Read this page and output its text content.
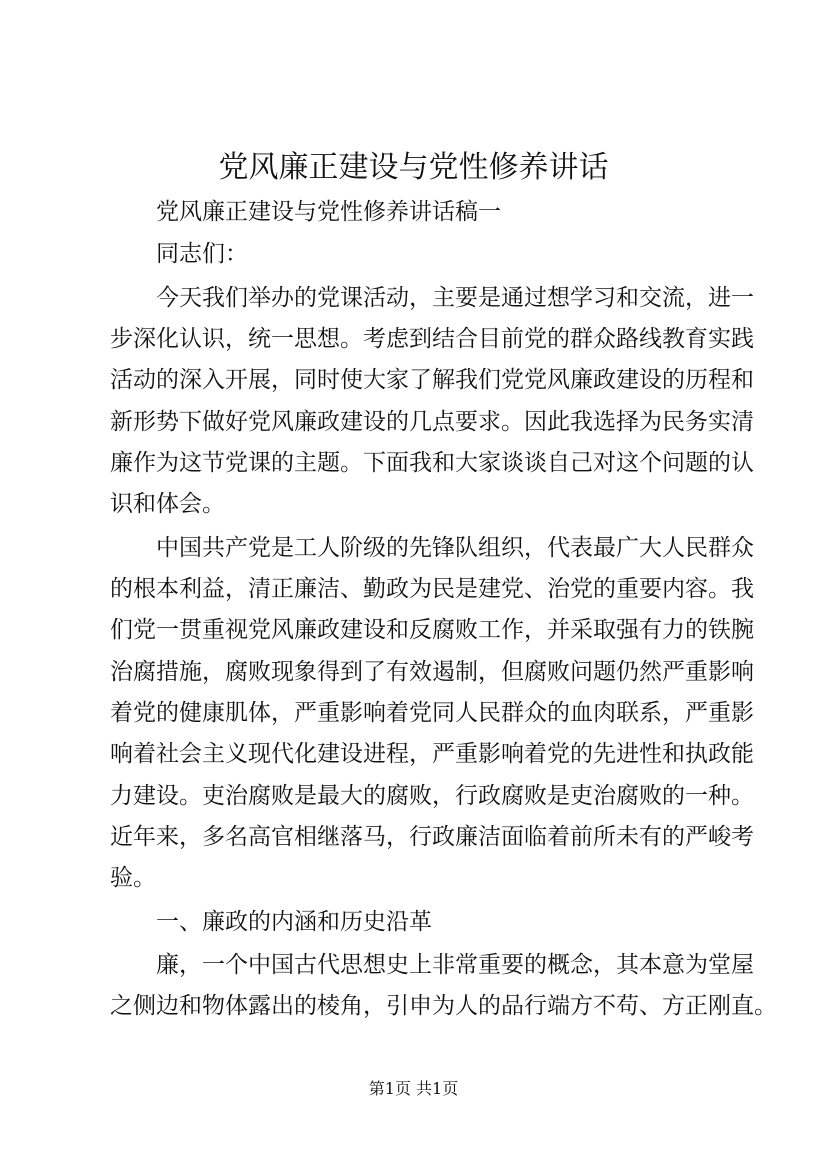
党风廉正建设与党性修养讲话
　　党风廉正建设与党性修养讲话稿一
　　同志们：
　　今天我们举办的党课活动，主要是通过想学习和交流，进一
步深化认识，统一思想。考虑到结合目前党的群众路线教育实践
活动的深入开展，同时使大家了解我们党党风廉政建设的历程和
新形势下做好党风廉政建设的几点要求。因此我选择为民务实清
廉作为这节党课的主题。下面我和大家谈谈自己对这个问题的认
识和体会。
　　中国共产党是工人阶级的先锋队组织，代表最广大人民群众
的根本利益，清正廉洁、勤政为民是建党、治党的重要内容。我
们党一贯重视党风廉政建设和反腐败工作，并采取强有力的铁腕
治腐措施，腐败现象得到了有效遏制，但腐败问题仍然严重影响
着党的健康肌体，严重影响着党同人民群众的血肉联系，严重影
响着社会主义现代化建设进程，严重影响着党的先进性和执政能
力建设。吏治腐败是最大的腐败，行政腐败是吏治腐败的一种。
近年来，多名高官相继落马，行政廉洁面临着前所未有的严峻考
验。
　　一、廉政的内涵和历史沿革
　　廉，一个中国古代思想史上非常重要的概念，其本意为堂屋
之侧边和物体露出的棱角，引申为人的品行端方不苟、方正刚直。
第1页 共1页
